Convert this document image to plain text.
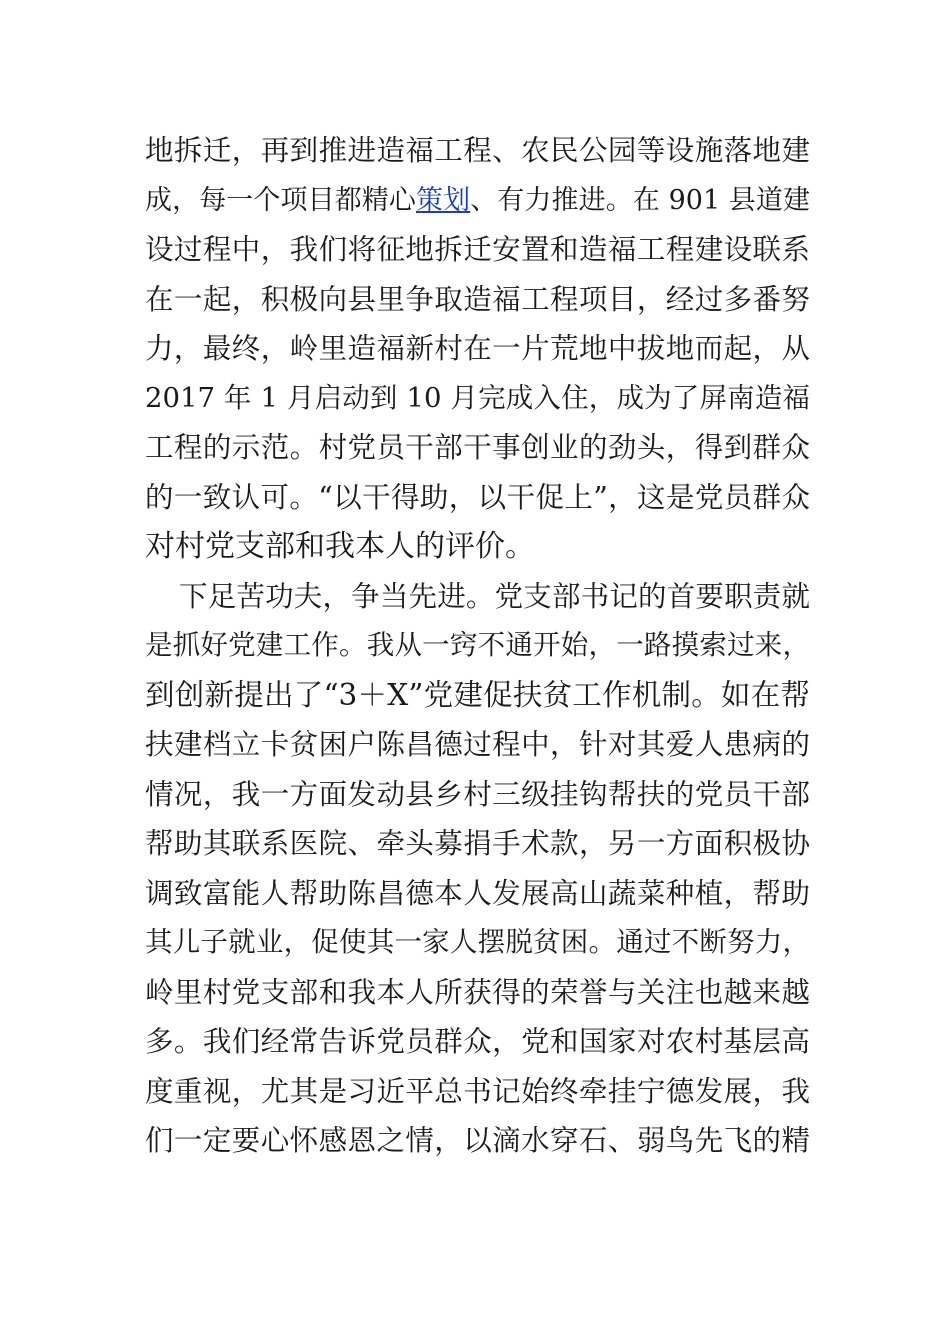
地拆迁，再到推进造福工程、农民公园等设施落地建
成，每一个项目都精心策划、有力推进。在 901 县道建
设过程中，我们将征地拆迁安置和造福工程建设联系
在一起，积极向县里争取造福工程项目，经过多番努
力，最终，岭里造福新村在一片荒地中拔地而起，从
2017 年 1 月启动到 10 月完成入住，成为了屏南造福
工程的示范。村党员干部干事创业的劲头，得到群众
的一致认可。“以干得助，以干促上”，这是党员群众
对村党支部和我本人的评价。
下足苦功夫，争当先进。党支部书记的首要职责就
是抓好党建工作。我从一窍不通开始，一路摸索过来，
到创新提出了“3＋X”党建促扶贫工作机制。如在帮
扶建档立卡贫困户陈昌德过程中，针对其爱人患病的
情况，我一方面发动县乡村三级挂钩帮扶的党员干部
帮助其联系医院、牵头募捐手术款，另一方面积极协
调致富能人帮助陈昌德本人发展高山蔬菜种植，帮助
其儿子就业，促使其一家人摆脱贫困。通过不断努力，
岭里村党支部和我本人所获得的荣誉与关注也越来越
多。我们经常告诉党员群众，党和国家对农村基层高
度重视，尤其是习近平总书记始终牵挂宁德发展，我
们一定要心怀感恩之情，以滴水穿石、弱鸟先飞的精
